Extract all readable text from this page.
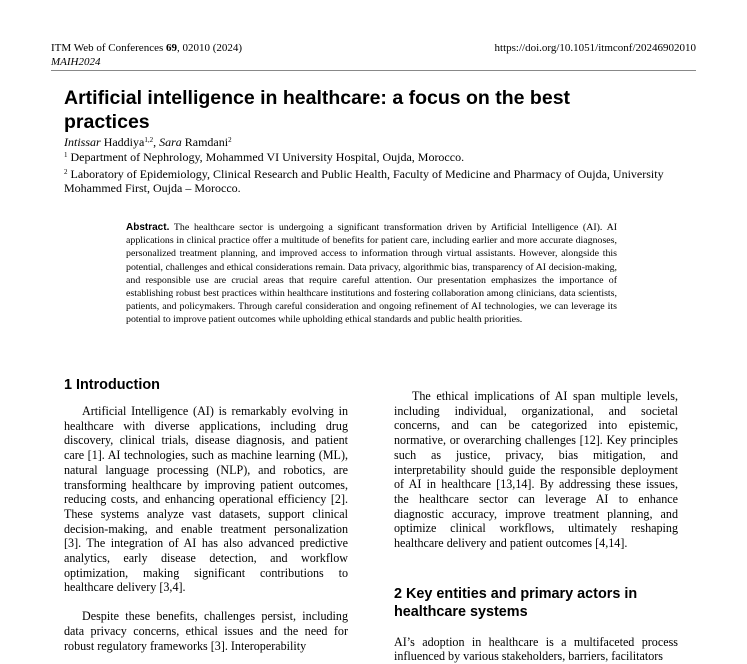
ITM Web of Conferences 69, 02010 (2024)
MAIH2024
https://doi.org/10.1051/itmconf/20246902010
Artificial intelligence in healthcare: a focus on the best practices
Intissar Haddiya$^{1,2}$, Sara Ramdani$^2$
$^1$ Department of Nephrology, Mohammed VI University Hospital, Oujda, Morocco.
$^2$ Laboratory of Epidemiology, Clinical Research and Public Health, Faculty of Medicine and Pharmacy of Oujda, University Mohammed First, Oujda – Morocco.
Abstract. The healthcare sector is undergoing a significant transformation driven by Artificial Intelligence (AI). AI applications in clinical practice offer a multitude of benefits for patient care, including earlier and more accurate diagnoses, personalized treatment planning, and improved access to information through virtual assistants. However, alongside this potential, challenges and ethical considerations remain. Data privacy, algorithmic bias, transparency of AI decision-making, and responsible use are crucial areas that require careful attention. Our presentation emphasizes the importance of establishing robust best practices within healthcare institutions and fostering collaboration among clinicians, data scientists, patients, and policymakers. Through careful consideration and ongoing refinement of AI technologies, we can leverage its potential to improve patient outcomes while upholding ethical standards and public health priorities.
1 Introduction

Artificial Intelligence (AI) is remarkably evolving in healthcare with diverse applications, including drug discovery, clinical trials, disease diagnosis, and patient care [1]. AI technologies, such as machine learning (ML), natural language processing (NLP), and robotics, are transforming healthcare by improving patient outcomes, reducing costs, and enhancing operational efficiency [2]. These systems analyze vast datasets, support clinical decision-making, and enable treatment personalization [3]. The integration of AI has also advanced predictive analytics, early disease detection, and workflow optimization, making significant contributions to healthcare delivery [3,4].

Despite these benefits, challenges persist, including data privacy concerns, ethical issues and the need for robust regulatory frameworks [3]. Interoperability

The ethical implications of AI span multiple levels, including individual, organizational, and societal concerns, and can be categorized into epistemic, normative, or overarching challenges [12]. Key principles such as justice, privacy, bias mitigation, and interpretability should guide the responsible deployment of AI in healthcare [13,14]. By addressing these issues, the healthcare sector can leverage AI to enhance diagnostic accuracy, improve treatment planning, and optimize clinical workflows, ultimately reshaping healthcare delivery and patient outcomes [4,14].

2 Key entities and primary actors in healthcare systems

AI’s adoption in healthcare is a multifaceted process influenced by various stakeholders, barriers, facilitators
